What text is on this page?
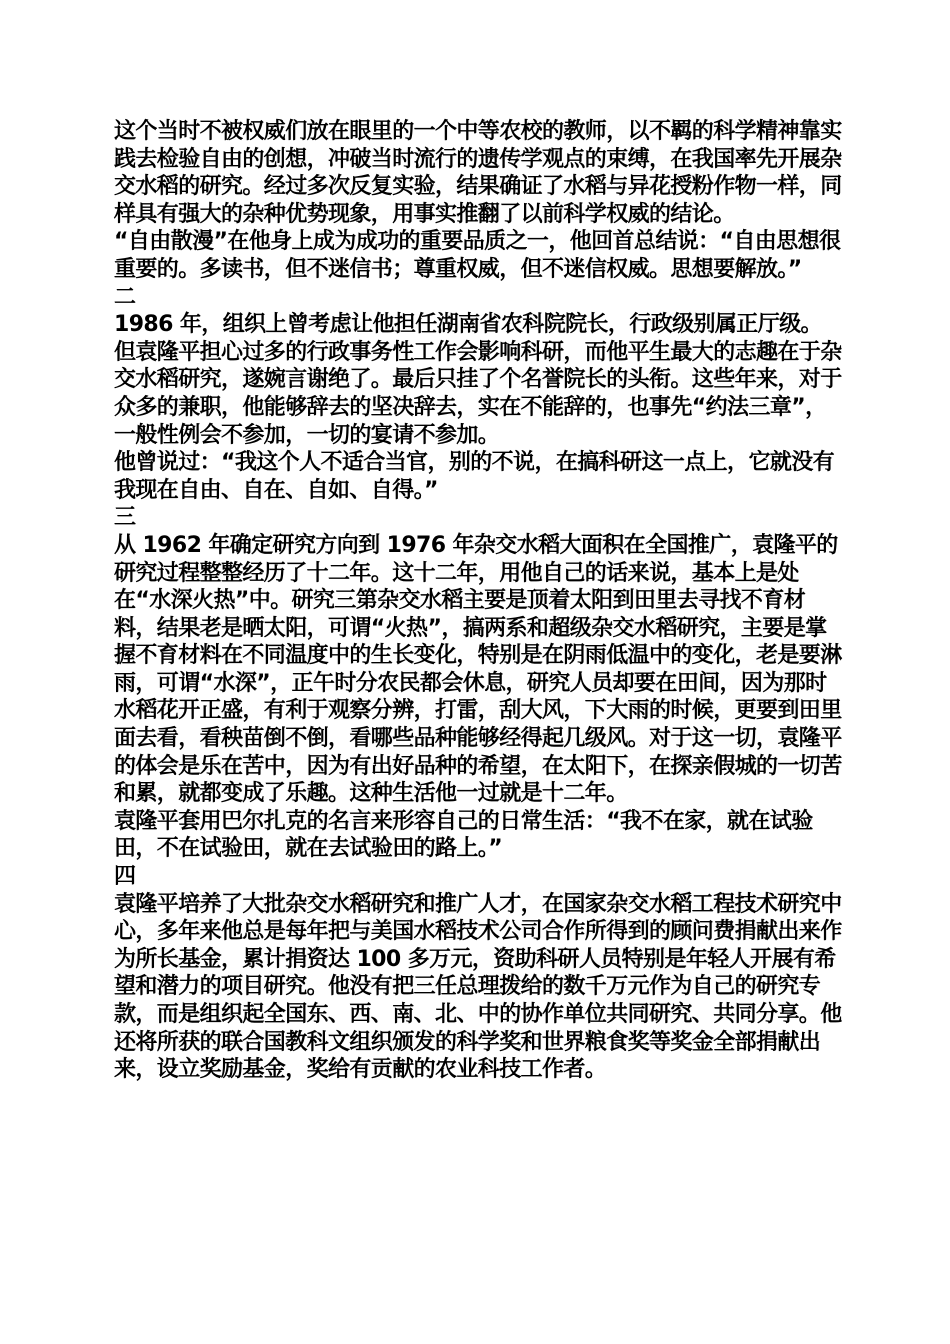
这个当时不被权威们放在眼里的一个中等农校的教师，以不羁的科学精神靠实践去检验自由的创想，冲破当时流行的遗传学观点的束缚，在我国率先开展杂交水稻的研究。经过多次反复实验，结果确证了水稻与异花授粉作物一样，同样具有强大的杂种优势现象，用事实推翻了以前科学权威的结论。

“自由散漫”在他身上成为成功的重要品质之一，他回首总结说：“自由思想很重要的。多读书，但不迷信书；尊重权威，但不迷信权威。思想要解放。”

二

1986 年，组织上曾考虑让他担任湖南省农科院院长，行政级别属正厅级。但袁隆平担心过多的行政事务性工作会影响科研，而他平生最大的志趣在于杂交水稻研究，遂婉言谢绝了。最后只挂了个名誉院长的头衔。这些年来，对于众多的兼职，他能够辞去的坚决辞去，实在不能辞的，也事先“约法三章”，一般性例会不参加，一切的宴请不参加。

他曾说过：“我这个人不适合当官，别的不说，在搞科研这一点上，它就没有我现在自由、自在、自如、自得。”

三

从 1962 年确定研究方向到 1976 年杂交水稻大面积在全国推广，袁隆平的研究过程整整经历了十二年。这十二年，用他自己的话来说，基本上是处在“水深火热”中。研究三第杂交水稻主要是顶着太阳到田里去寻找不育材料，结果老是晒太阳，可谓“火热”，搞两系和超级杂交水稻研究，主要是掌握不育材料在不同温度中的生长变化，特别是在阴雨低温中的变化，老是要淋雨，可谓“水深”，正午时分农民都会休息，研究人员却要在田间，因为那时水稻花开正盛，有利于观察分辨，打雷，刮大风，下大雨的时候，更要到田里面去看，看秧苗倒不倒，看哪些品种能够经得起几级风。对于这一切，袁隆平的体会是乐在苦中，因为有出好品种的希望，在太阳下，在探亲假城的一切苦和累，就都变成了乐趣。这种生活他一过就是十二年。

袁隆平套用巴尔扎克的名言来形容自己的日常生活：“我不在家，就在试验田，不在试验田，就在去试验田的路上。”

四

袁隆平培养了大批杂交水稻研究和推广人才，在国家杂交水稻工程技术研究中心，多年来他总是每年把与美国水稻技术公司合作所得到的顾问费捐献出来作为所长基金，累计捐资达 100 多万元，资助科研人员特别是年轻人开展有希望和潜力的项目研究。他没有把三任总理拨给的数千万元作为自己的研究专款，而是组织起全国东、西、南、北、中的协作单位共同研究、共同分享。他还将所获的联合国教科文组织颁发的科学奖和世界粮食奖等奖金全部捐献出来，设立奖励基金，奖给有贡献的农业科技工作者。
